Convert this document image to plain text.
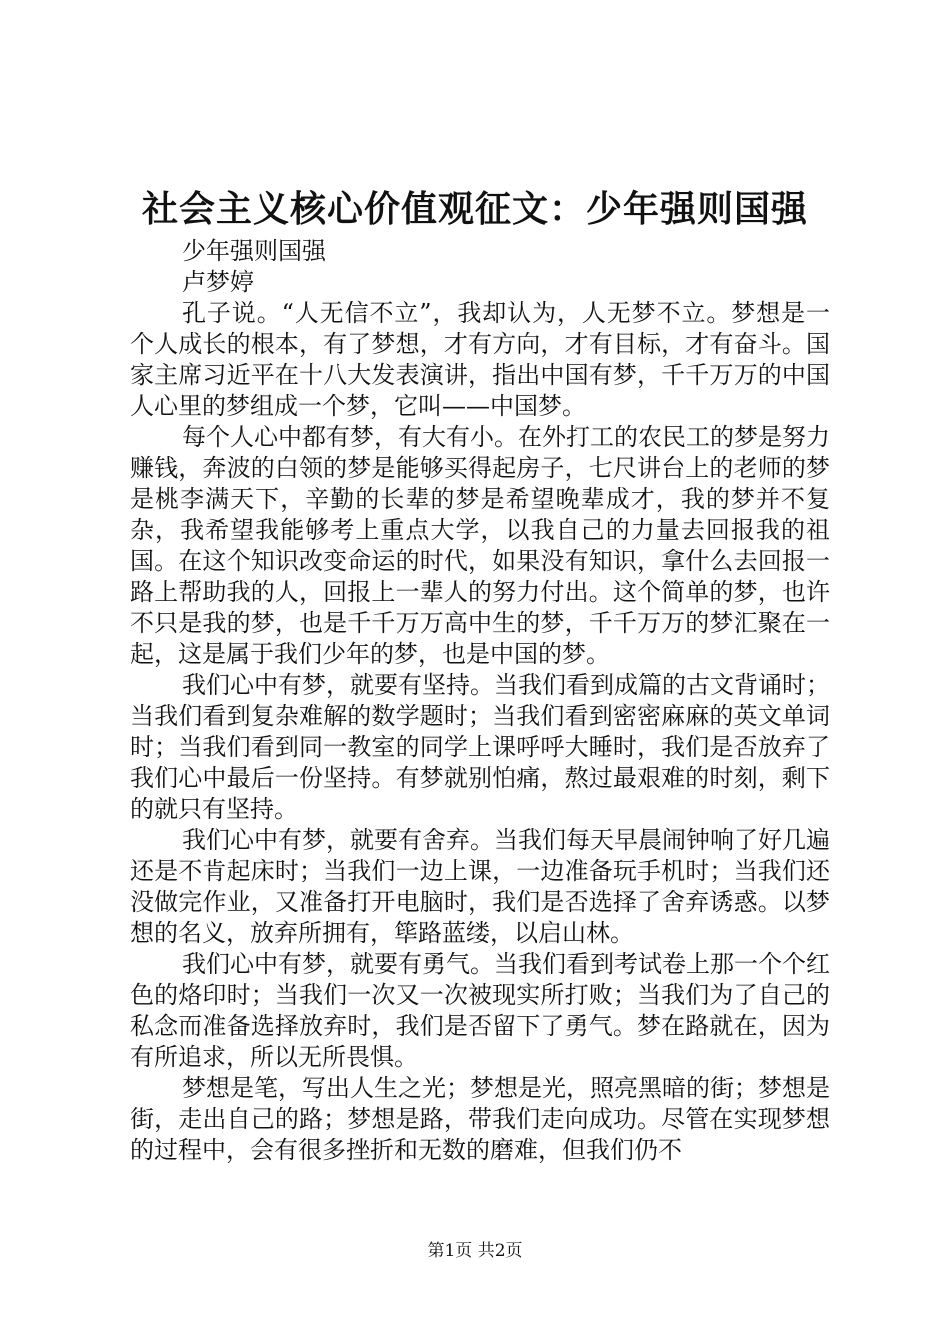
社会主义核心价值观征文：少年强则国强

少年强则国强

卢梦婷

孔子说。“人无信不立”，我却认为，人无梦不立。梦想是一个人成长的根本，有了梦想，才有方向，才有目标，才有奋斗。国家主席习近平在十八大发表演讲，指出中国有梦，千千万万的中国人心里的梦组成一个梦，它叫——中国梦。

每个人心中都有梦，有大有小。在外打工的农民工的梦是努力赚钱，奔波的白领的梦是能够买得起房子，七尺讲台上的老师的梦是桃李满天下，辛勤的长辈的梦是希望晚辈成才，我的梦并不复杂，我希望我能够考上重点大学，以我自己的力量去回报我的祖国。在这个知识改变命运的时代，如果没有知识，拿什么去回报一路上帮助我的人，回报上一辈人的努力付出。这个简单的梦，也许不只是我的梦，也是千千万万高中生的梦，千千万万的梦汇聚在一起，这是属于我们少年的梦，也是中国的梦。

我们心中有梦，就要有坚持。当我们看到成篇的古文背诵时；当我们看到复杂难解的数学题时；当我们看到密密麻麻的英文单词时；当我们看到同一教室的同学上课呼呼大睡时，我们是否放弃了我们心中最后一份坚持。有梦就别怕痛，熬过最艰难的时刻，剩下的就只有坚持。

我们心中有梦，就要有舍弃。当我们每天早晨闹钟响了好几遍还是不肯起床时；当我们一边上课，一边准备玩手机时；当我们还没做完作业，又准备打开电脑时，我们是否选择了舍弃诱惑。以梦想的名义，放弃所拥有，筚路蓝缕，以启山林。

我们心中有梦，就要有勇气。当我们看到考试卷上那一个个红色的烙印时；当我们一次又一次被现实所打败；当我们为了自己的私念而准备选择放弃时，我们是否留下了勇气。梦在路就在，因为有所追求，所以无所畏惧。

梦想是笔，写出人生之光；梦想是光，照亮黑暗的街；梦想是街，走出自己的路；梦想是路，带我们走向成功。尽管在实现梦想的过程中，会有很多挫折和无数的磨难，但我们仍不

第1页 共2页
